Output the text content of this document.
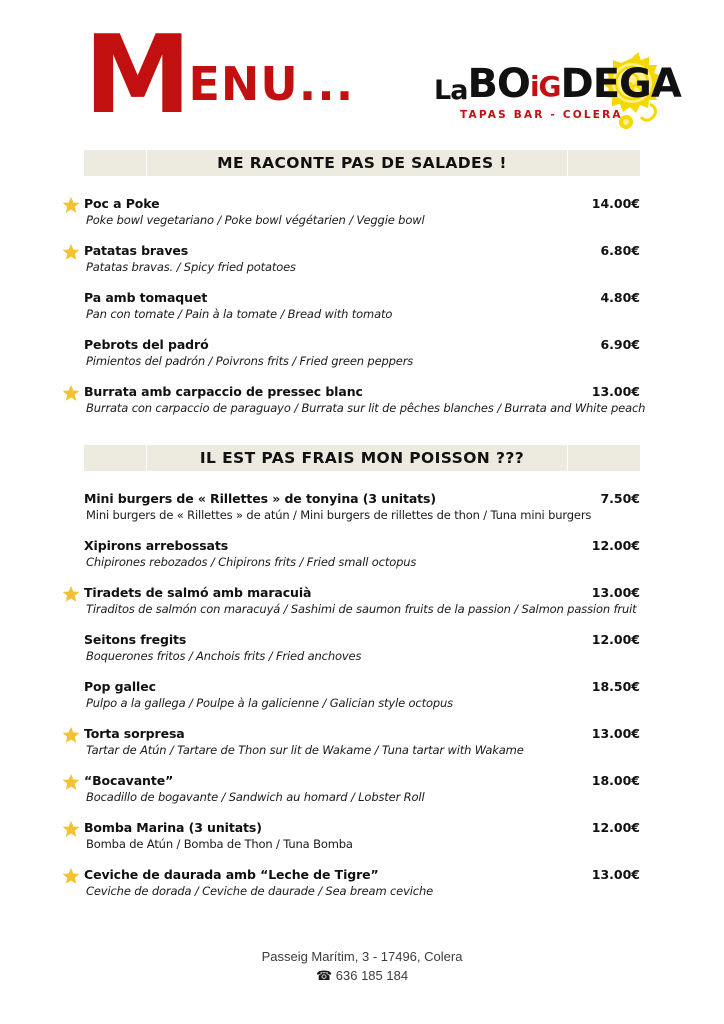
MENU...	LaBOiGDEGA
TAPAS BAR - COLERA
ME RACONTE PAS DE SALADES !
Poc a Poke	14.00€
Poke bowl vegetariano / Poke bowl végétarien / Veggie bowl
Patatas braves	6.80€
Patatas bravas. / Spicy fried potatoes
Pa amb tomaquet	4.80€
Pan con tomate / Pain à la tomate / Bread with tomato
Pebrots del padró	6.90€
Pimientos del padrón / Poivrons frits / Fried green peppers
Burrata amb carpaccio de pressec blanc	13.00€
Burrata con carpaccio de paraguayo / Burrata sur lit de pêches blanches / Burrata and White peach
IL EST PAS FRAIS MON POISSON ???
Mini burgers de « Rillettes » de tonyina (3 unitats)	7.50€
Mini burgers de « Rillettes » de atún / Mini burgers de rillettes de thon / Tuna mini burgers
Xipirons arrebossats	12.00€
Chipirones rebozados / Chipirons frits / Fried small octopus
Tiradets de salmó amb maracuià	13.00€
Tiraditos de salmón con maracuyá / Sashimi de saumon fruits de la passion / Salmon passion fruit
Seitons fregits	12.00€
Boquerones fritos / Anchois frits / Fried anchoves
Pop gallec	18.50€
Pulpo a la gallega / Poulpe à la galicienne / Galician style octopus
Torta sorpresa	13.00€
Tartar de Atún / Tartare de Thon sur lit de Wakame / Tuna tartar with Wakame
“Bocavante”	18.00€
Bocadillo de bogavante / Sandwich au homard / Lobster Roll
Bomba Marina (3 unitats)	12.00€
Bomba de Atún / Bomba de Thon / Tuna Bomba
Ceviche de daurada amb “Leche de Tigre”	13.00€
Ceviche de dorada / Ceviche de daurade / Sea bream ceviche
Passeig Marítim, 3 - 17496, Colera
☎ 636 185 184
